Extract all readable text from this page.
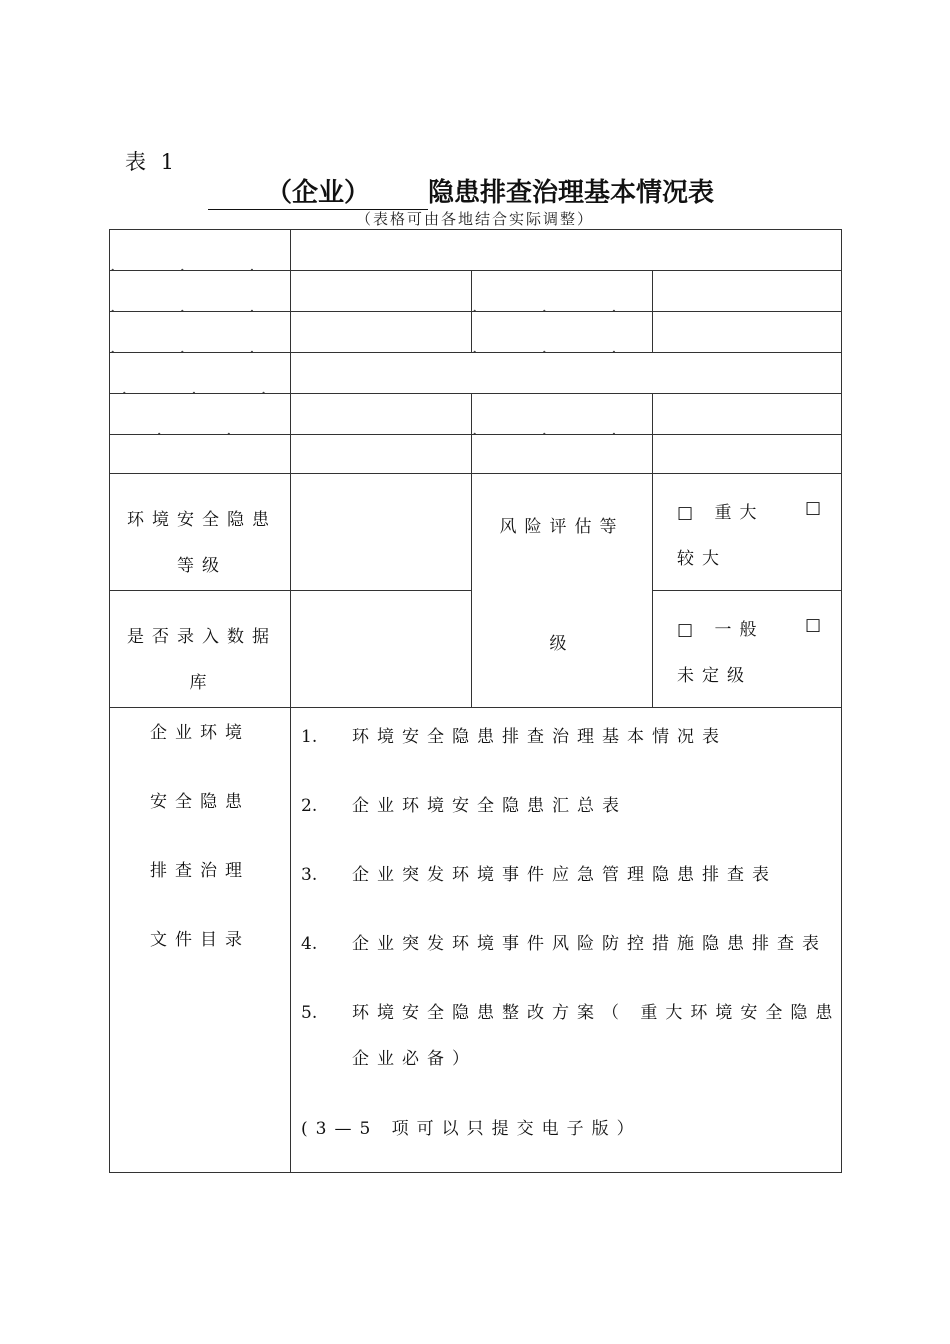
表 1
（企业） 隐患排查治理基本情况表
（表格可由各地结合实际调整）
环境安全隐患等级
风险评估等
级
□ 重大 □
较大
是否录入数据库
□ 一般 □
未定级
企业环境
安全隐患
排查治理
文件目录
1. 环境安全隐患排查治理基本情况表
2. 企业环境安全隐患汇总表
3. 企业突发环境事件应急管理隐患排查表
4. 企业突发环境事件风险防控措施隐患排查表
5. 环境安全隐患整改方案（ 重大环境安全隐患
企业必备）
(3—5 项可以只提交电子版）
